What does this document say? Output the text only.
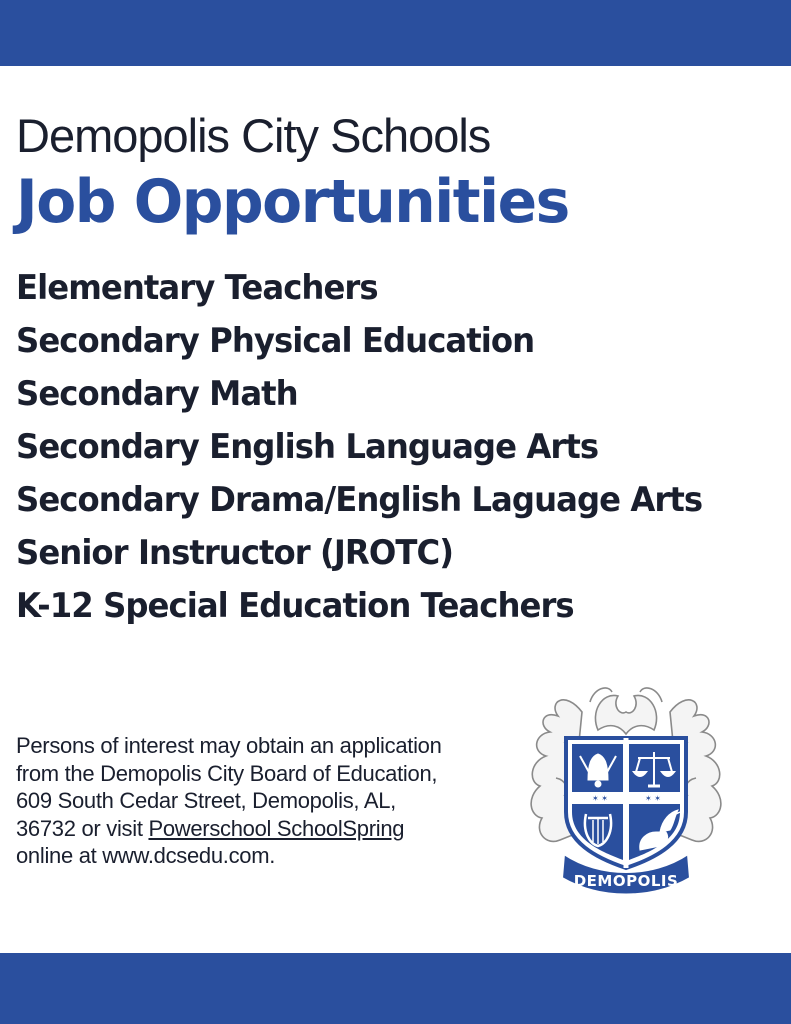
Demopolis City Schools
Job Opportunities
Elementary Teachers
Secondary Physical Education
Secondary Math
Secondary English Language Arts
Secondary Drama/English Laguage Arts
Senior Instructor (JROTC)
K-12 Special Education Teachers
Persons of interest may obtain an application from the Demopolis City Board of Education, 609 South Cedar Street, Demopolis, AL, 36732 or visit Powerschool SchoolSpring online at www.dcsedu.com.
✶ ✶	✶ ✶
DEMOPOLIS
